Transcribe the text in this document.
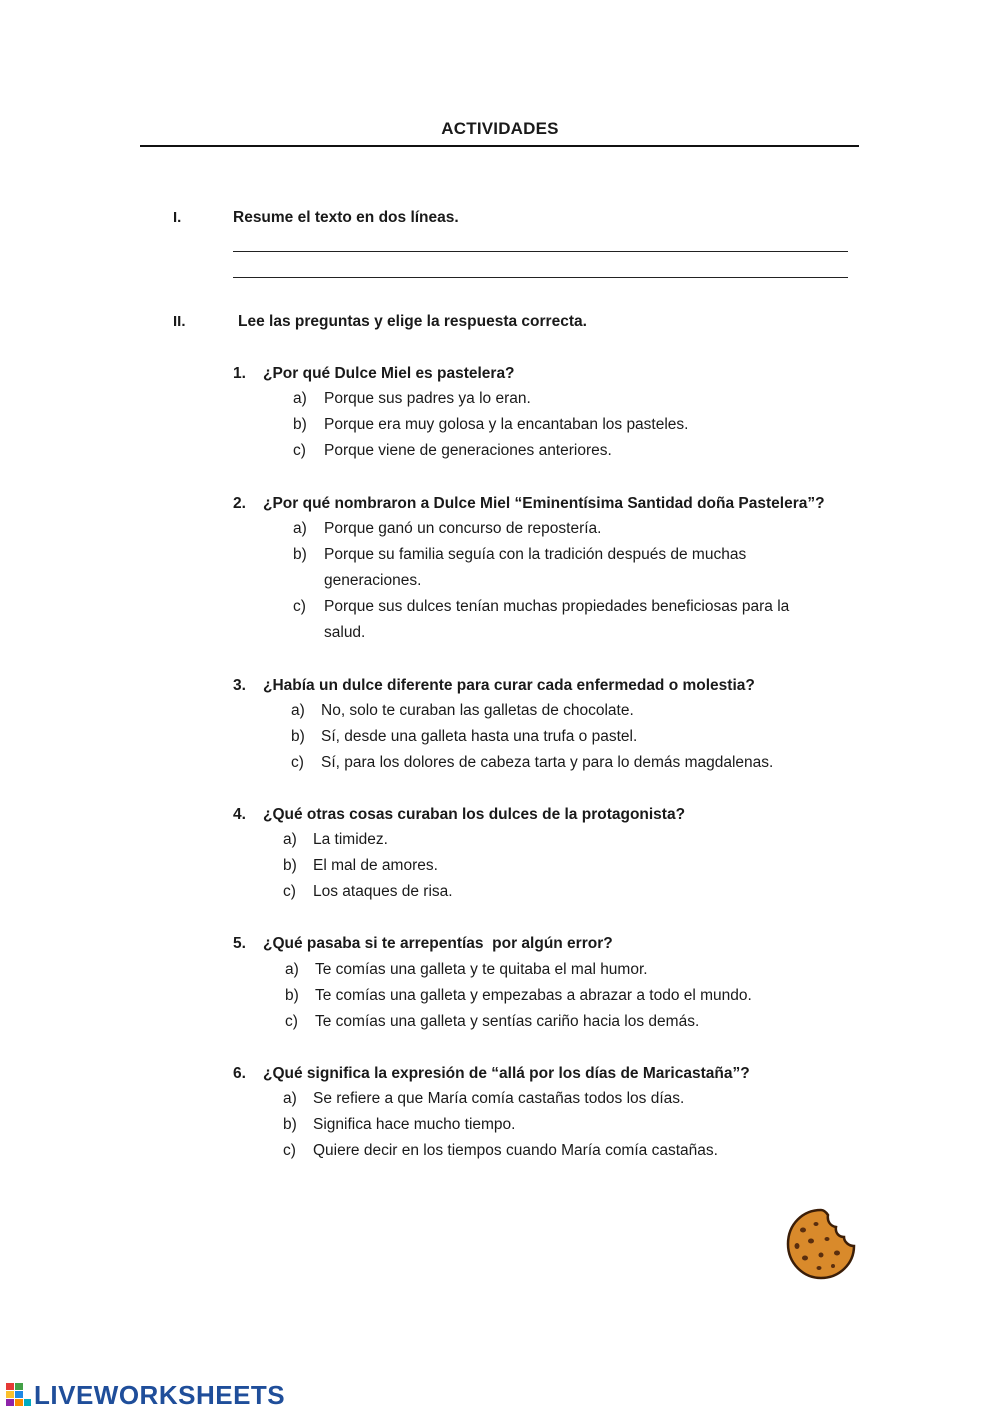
ACTIVIDADES
I.	Resume el texto en dos líneas.
II.	Lee las preguntas y elige la respuesta correcta.
1. ¿Por qué Dulce Miel es pastelera?
a) Porque sus padres ya lo eran.
b) Porque era muy golosa y la encantaban los pasteles.
c) Porque viene de generaciones anteriores.
2. ¿Por qué nombraron a Dulce Miel “Eminentísima Santidad doña Pastelera”?
a) Porque ganó un concurso de repostería.
b) Porque su familia seguía con la tradición después de muchas generaciones.
c) Porque sus dulces tenían muchas propiedades beneficiosas para la salud.
3. ¿Había un dulce diferente para curar cada enfermedad o molestia?
a) No, solo te curaban las galletas de chocolate.
b) Sí, desde una galleta hasta una trufa o pastel.
c) Sí, para los dolores de cabeza tarta y para lo demás magdalenas.
4. ¿Qué otras cosas curaban los dulces de la protagonista?
a) La timidez.
b) El mal de amores.
c) Los ataques de risa.
5. ¿Qué pasaba si te arrepentías  por algún error?
a) Te comías una galleta y te quitaba el mal humor.
b) Te comías una galleta y empezabas a abrazar a todo el mundo.
c) Te comías una galleta y sentías cariño hacia los demás.
6. ¿Qué significa la expresión de “allá por los días de Maricastaña”?
a) Se refiere a que María comía castañas todos los días.
b) Significa hace mucho tiempo.
c) Quiere decir en los tiempos cuando María comía castañas.
LIVEWORKSHEETS
